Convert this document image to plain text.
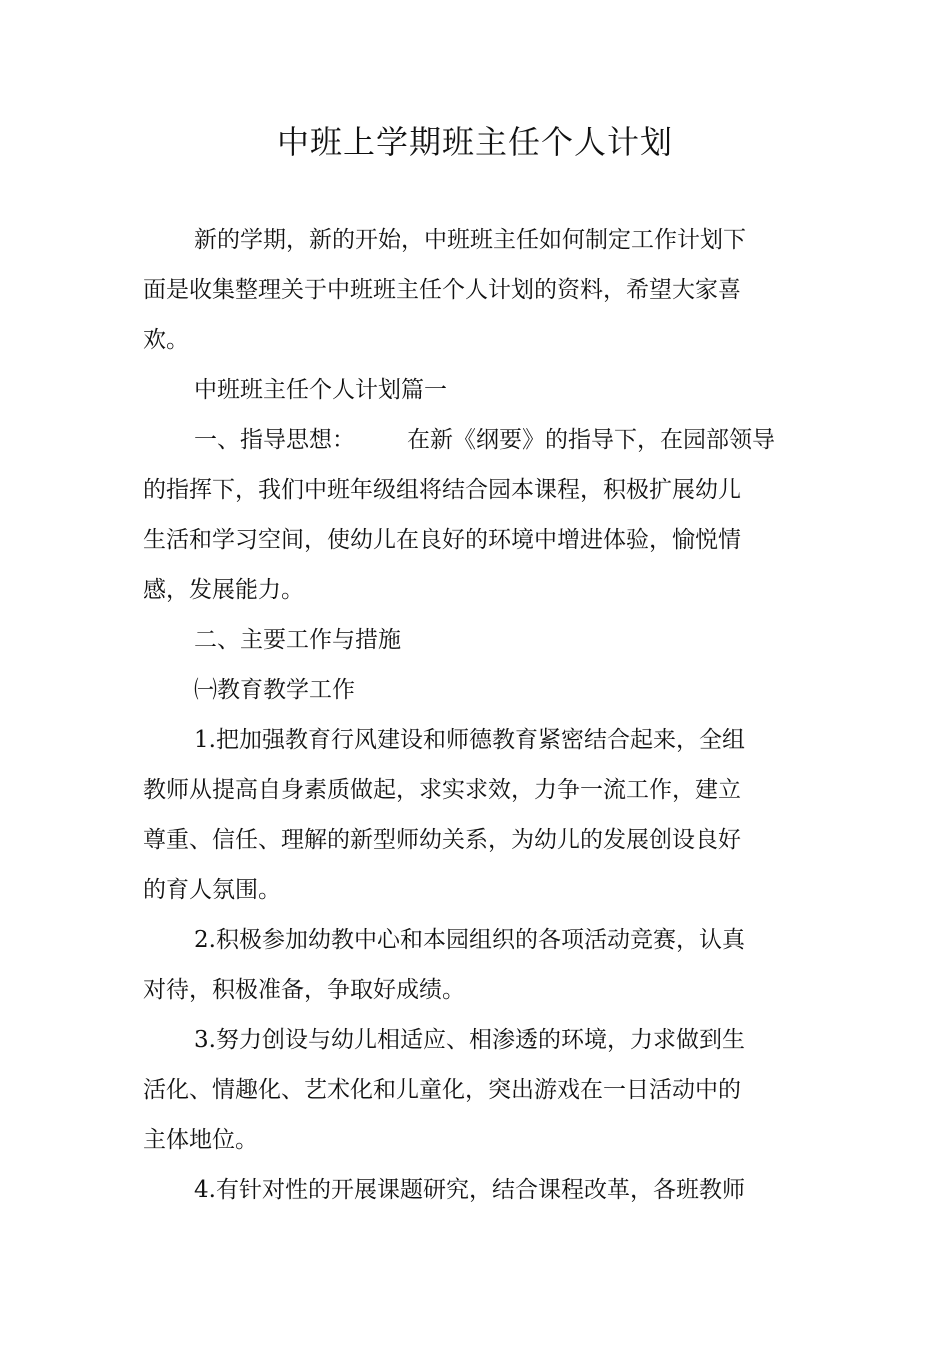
中班上学期班主任个人计划

新的学期，新的开始，中班班主任如何制定工作计划下

面是收集整理关于中班班主任个人计划的资料，希望大家喜

欢。

中班班主任个人计划篇一

一、指导思想： 在新《纲要》的指导下，在园部领导

的指挥下，我们中班年级组将结合园本课程，积极扩展幼儿

生活和学习空间，使幼儿在良好的环境中增进体验，愉悦情

感，发展能力。

二、主要工作与措施

㈠教育教学工作

1.把加强教育行风建设和师德教育紧密结合起来，全组

教师从提高自身素质做起，求实求效，力争一流工作，建立

尊重、信任、理解的新型师幼关系，为幼儿的发展创设良好

的育人氛围。

2.积极参加幼教中心和本园组织的各项活动竞赛，认真

对待，积极准备，争取好成绩。

3.努力创设与幼儿相适应、相渗透的环境，力求做到生

活化、情趣化、艺术化和儿童化，突出游戏在一日活动中的

主体地位。

4.有针对性的开展课题研究，结合课程改革，各班教师
